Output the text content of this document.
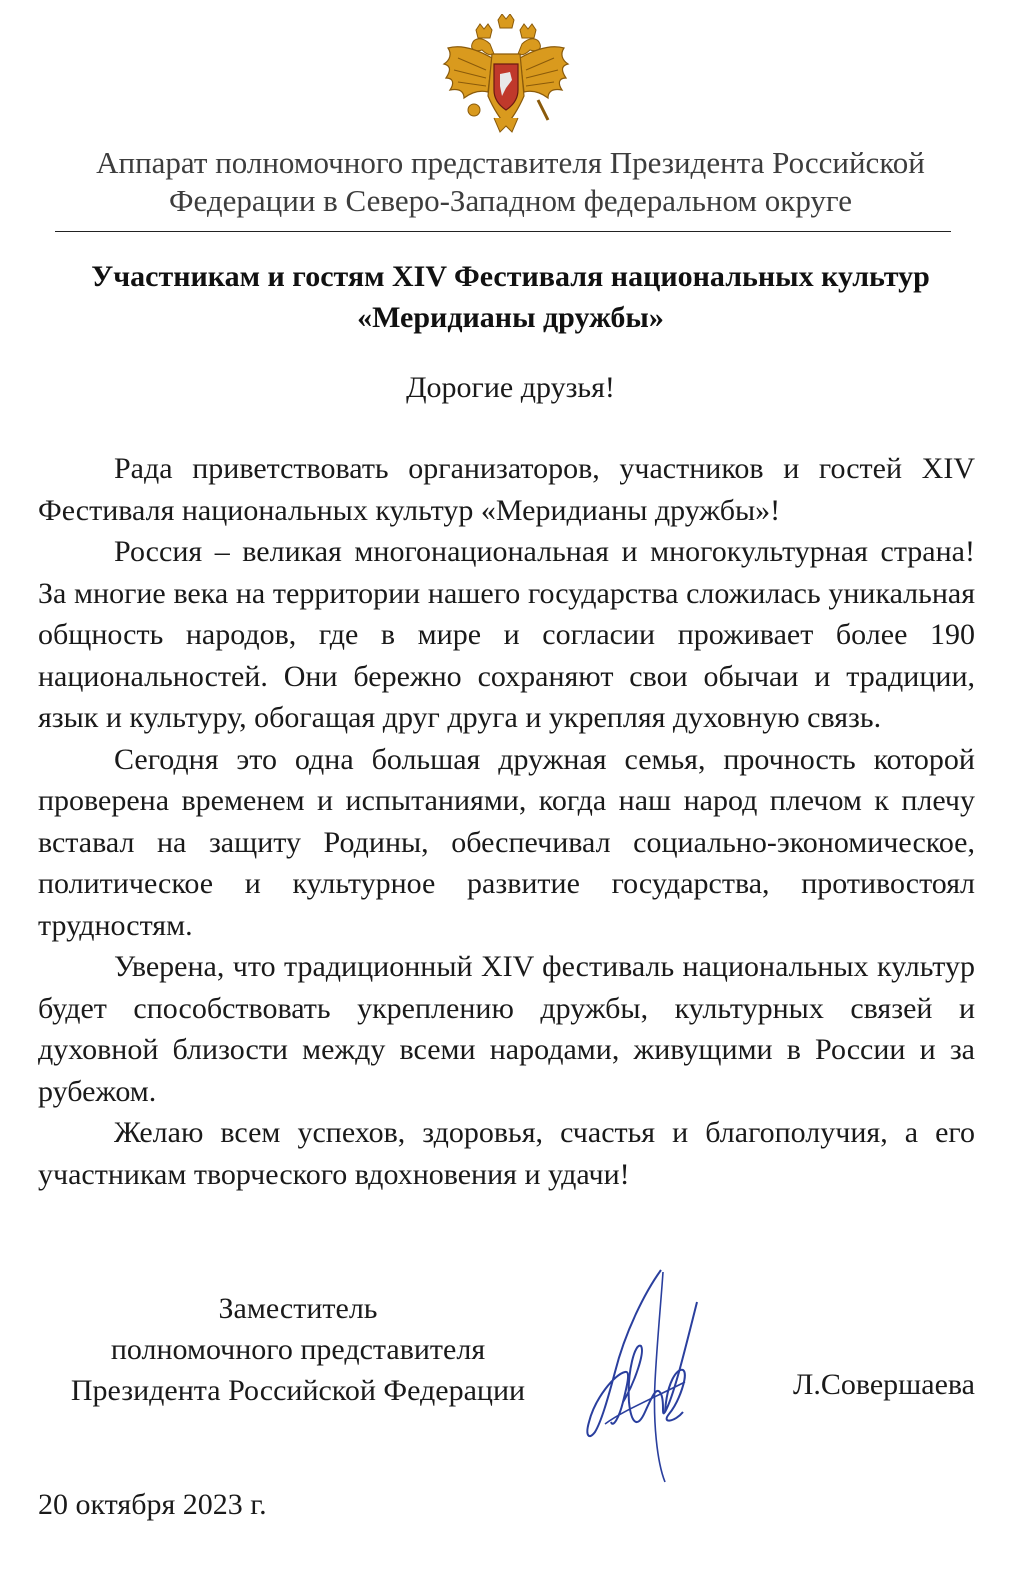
Аппарат полномочного представителя Президента Российской
Федерации в Северо-Западном федеральном округе
Участникам и гостям XIV Фестиваля национальных культур
«Меридианы дружбы»
Дорогие друзья!

Рада приветствовать организаторов, участников и гостей XIV Фестиваля национальных культур «Меридианы дружбы»!

Россия – великая многонациональная и многокультурная страна! За многие века на территории нашего государства сложилась уникальная общность народов, где в мире и согласии проживает более 190 национальностей. Они бережно сохраняют свои обычаи и традиции, язык и культуру, обогащая друг друга и укрепляя духовную связь.

Сегодня это одна большая дружная семья, прочность которой проверена временем и испытаниями, когда наш народ плечом к плечу вставал на защиту Родины, обеспечивал социально-экономическое, политическое и культурное развитие государства, противостоял трудностям.

Уверена, что традиционный XIV фестиваль национальных культур будет способствовать укреплению дружбы, культурных связей и духовной близости между всеми народами, живущими в России и за рубежом.

Желаю всем успехов, здоровья, счастья и благополучия, а его участникам творческого вдохновения и удачи!

Заместитель
полномочного представителя
Президента Российской Федерации	Л.Совершаева
20 октября 2023 г.
